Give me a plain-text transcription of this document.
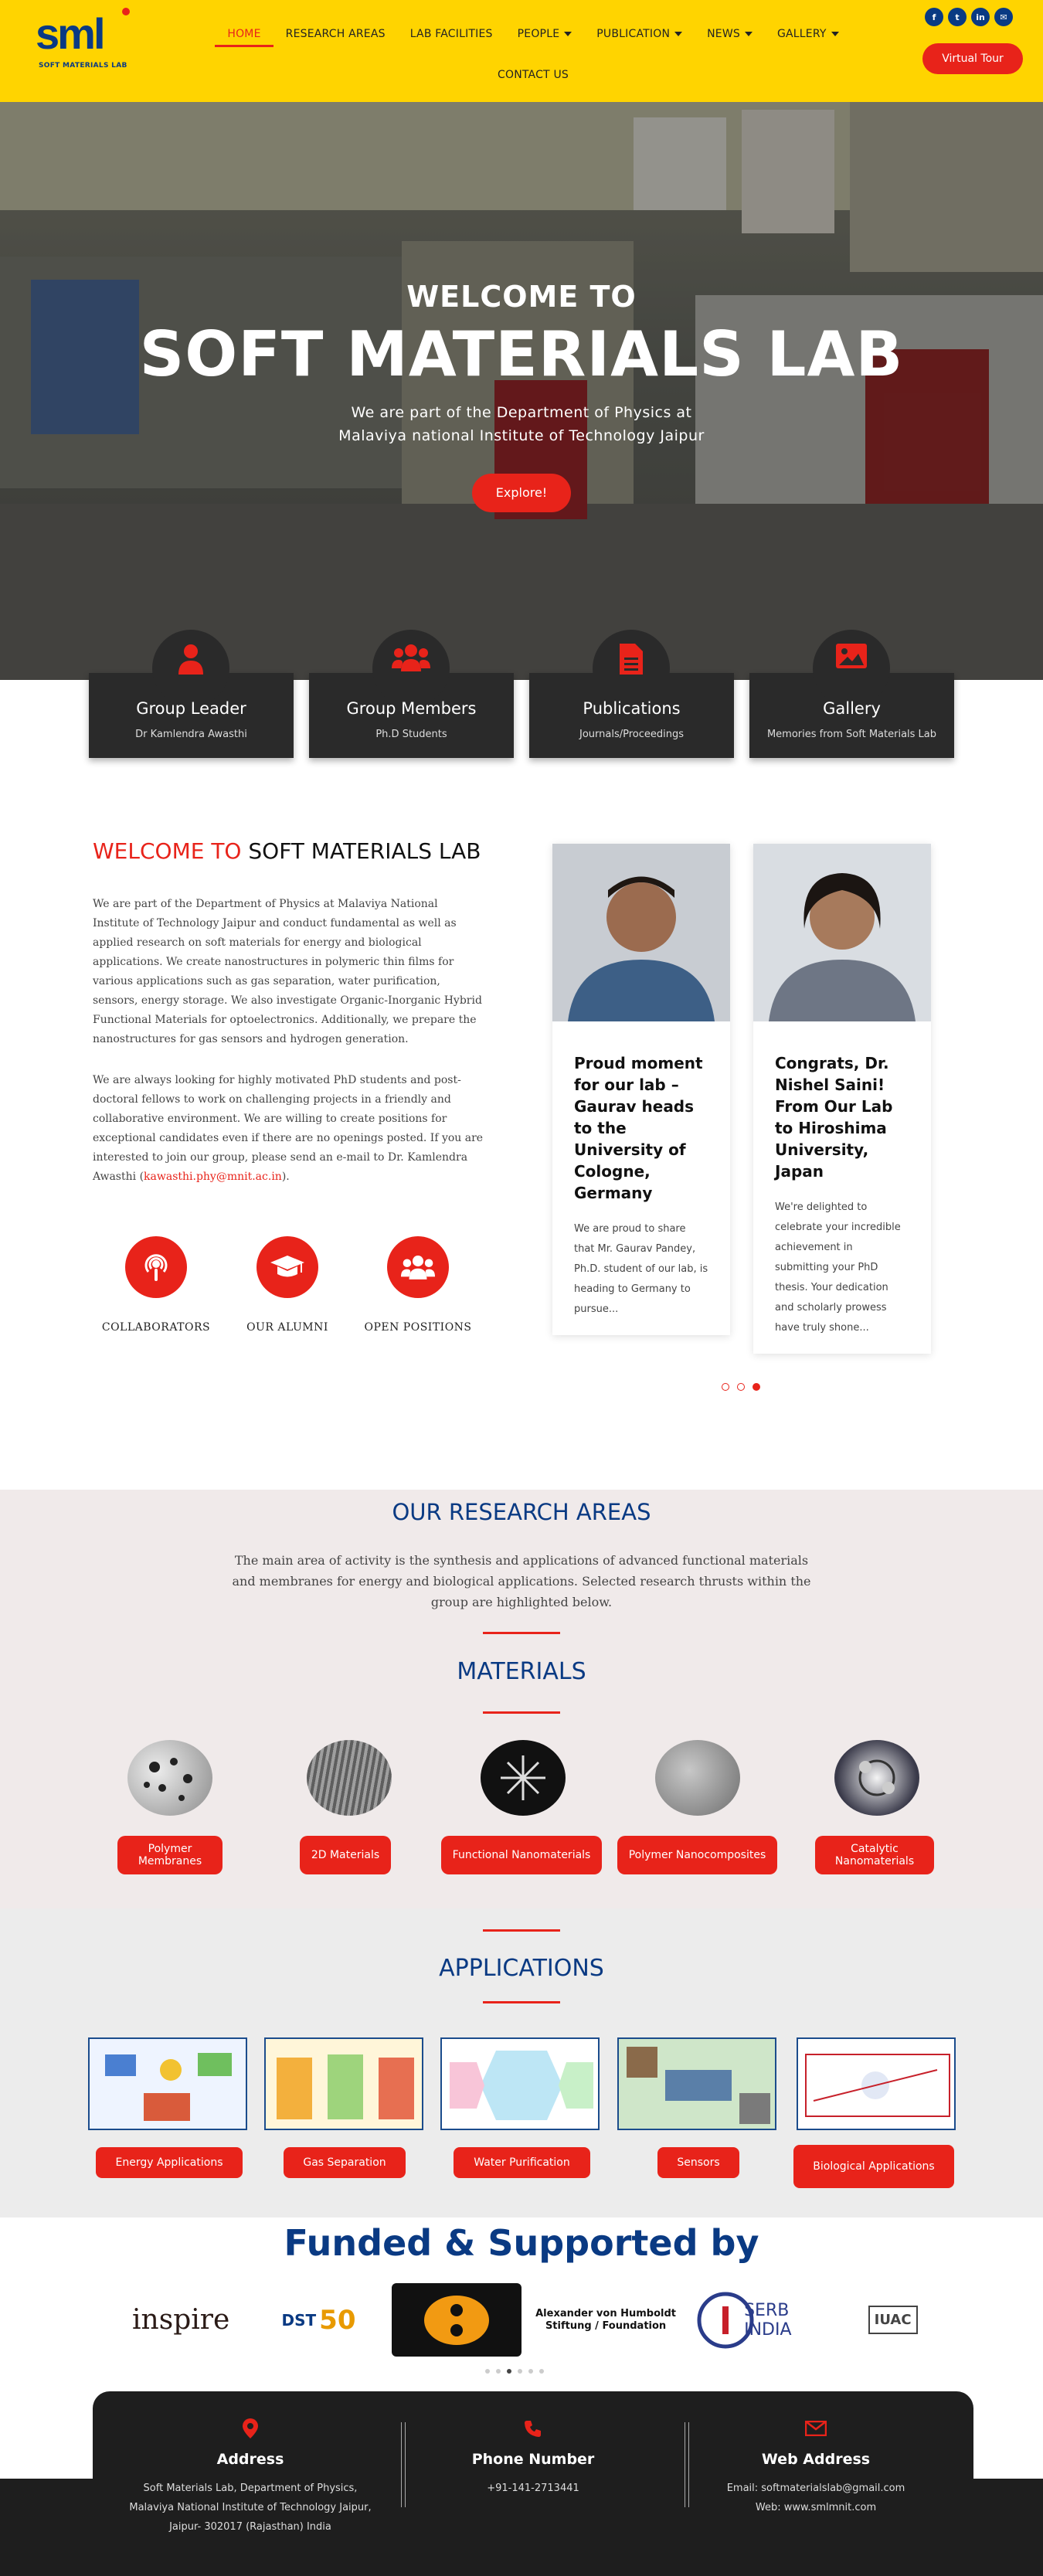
sml
SOFT MATERIALS LAB
HOME	RESEARCH AREAS	LAB FACILITIES	PEOPLE	PUBLICATION	NEWS	GALLERY
CONTACT US
f	t	in	✉
Virtual Tour
WELCOME TO
SOFT MATERIALS LAB
We are part of the Department of Physics at
Malaviya national Institute of Technology Jaipur
Explore!
Group Leader
Dr Kamlendra Awasthi
Group Members
Ph.D Students
Publications
Journals/Proceedings
Gallery
Memories from Soft Materials Lab
WELCOME TO SOFT MATERIALS LAB
We are part of the Department of Physics at Malaviya National Institute of Technology Jaipur and conduct fundamental as well as applied research on soft materials for energy and biological applications. We create nanostructures in polymeric thin films for various applications such as gas separation, water purification, sensors, energy storage. We also investigate Organic-Inorganic Hybrid Functional Materials for optoelectronics. Additionally, we prepare the nanostructures for gas sensors and hydrogen generation.
We are always looking for highly motivated PhD students and post-doctoral fellows to work on challenging projects in a friendly and collaborative environment. We are willing to create positions for exceptional candidates even if there are no openings posted. If you are interested to join our group, please send an e-mail to Dr. Kamlendra Awasthi (kawasthi.phy@mnit.ac.in).
COLLABORATORS	OUR ALUMNI	OPEN POSITIONS
Proud moment for our lab – Gaurav heads to the University of Cologne, Germany
We are proud to share that Mr. Gaurav Pandey, Ph.D. student of our lab, is heading to Germany to pursue...
Congrats, Dr. Nishel Saini! From Our Lab to Hiroshima University, Japan
We're delighted to celebrate your incredible achievement in submitting your PhD thesis. Your dedication and scholarly prowess have truly shone...
OUR RESEARCH AREAS
The main area of activity is the synthesis and applications of advanced functional materials and membranes for energy and biological applications. Selected research thrusts within the group are highlighted below.
MATERIALS
Polymer Membranes	2D Materials	Functional Nanomaterials	Polymer Nanocomposites	Catalytic Nanomaterials
APPLICATIONS
Energy Applications	Gas Separation	Water Purification	Sensors	Biological Applications
Funded & Supported by
inspire	DST 50	Alexander von Humboldt Stiftung / Foundation
SERB INDIA	IUAC
Address
Soft Materials Lab, Department of Physics, Malaviya National Institute of Technology Jaipur, Jaipur- 302017 (Rajasthan) India
Phone Number
+91-141-2713441
Web Address
Email: softmaterialslab@gmail.com
Web: www.smlmnit.com
